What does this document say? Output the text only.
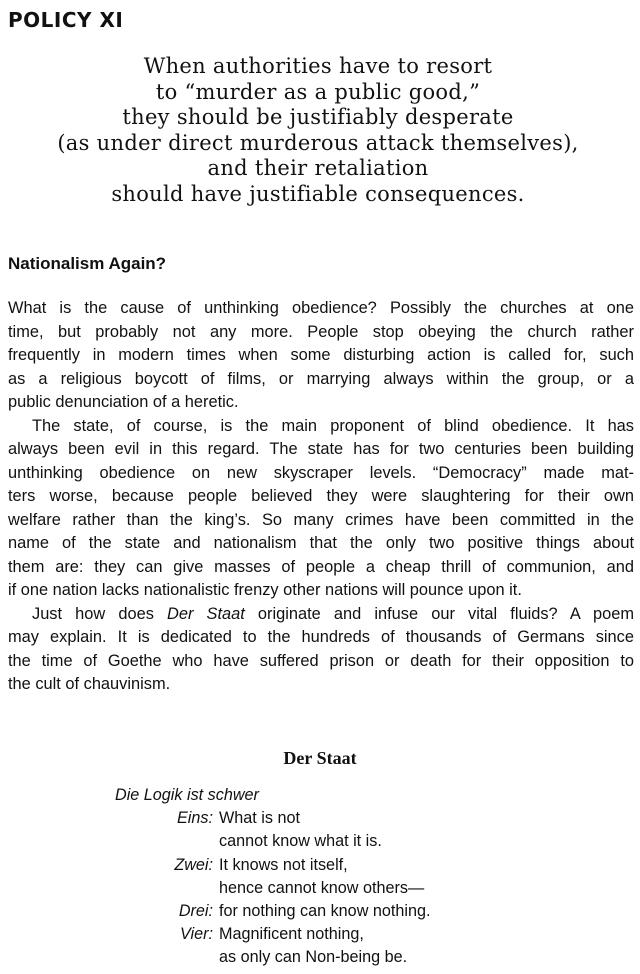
POLICY XI
When authorities have to resort
to “murder as a public good,”
they should be justifiably desperate
(as under direct murderous attack themselves),
and their retaliation
should have justifiable consequences.
Nationalism Again?
What is the cause of unthinking obedience? Possibly the churches at one
time, but probably not any more. People stop obeying the church rather
frequently in modern times when some disturbing action is called for, such
as a religious boycott of films, or marrying always within the group, or a
public denunciation of a heretic.
The state, of course, is the main proponent of blind obedience. It has
always been evil in this regard. The state has for two centuries been building
unthinking obedience on new skyscraper levels. “Democracy” made mat-
ters worse, because people believed they were slaughtering for their own
welfare rather than the king’s. So many crimes have been committed in the
name of the state and nationalism that the only two positive things about
them are: they can give masses of people a cheap thrill of communion, and
if one nation lacks nationalistic frenzy other nations will pounce upon it.
Just how does Der Staat originate and infuse our vital fluids? A poem
may explain. It is dedicated to the hundreds of thousands of Germans since
the time of Goethe who have suffered prison or death for their opposition to
the cult of chauvinism.
Der Staat
Die Logik ist schwer
Eins: What is not
cannot know what it is.
Zwei: It knows not itself,
hence cannot know others—
Drei: for nothing can know nothing.
Vier: Magnificent nothing,
as only can Non-being be.
